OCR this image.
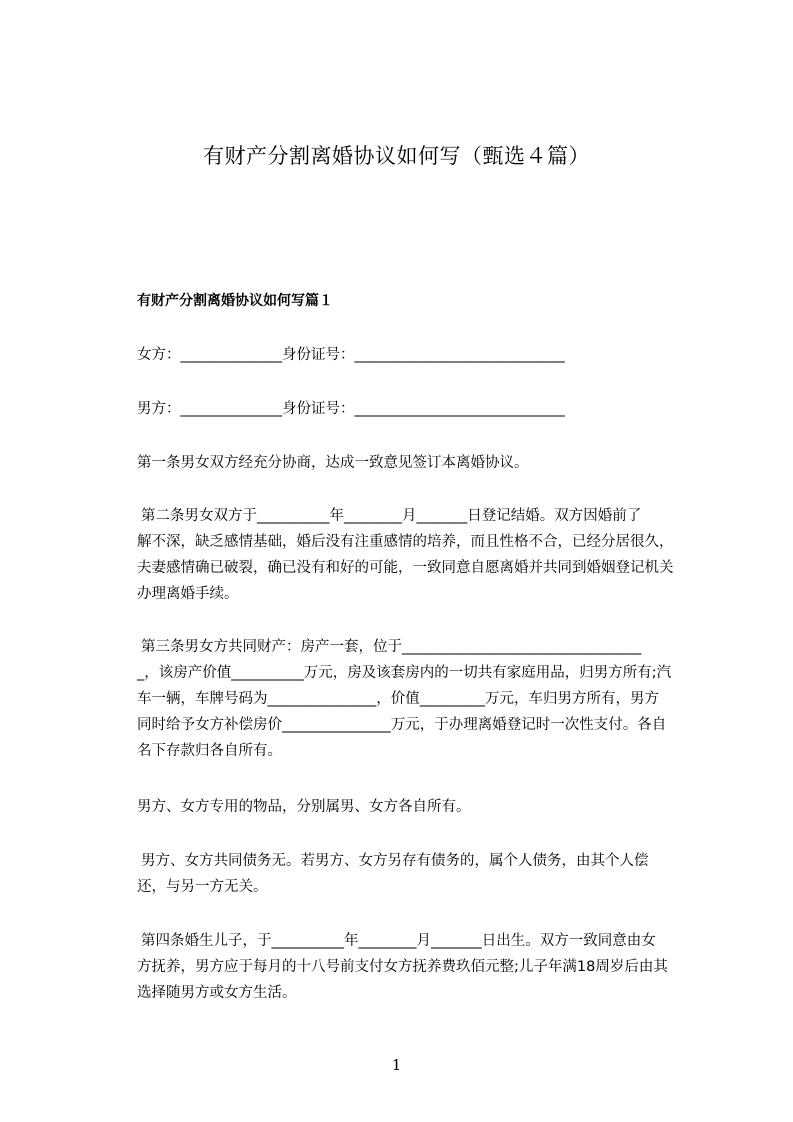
有财产分割离婚协议如何写（甄选４篇）
有财产分割离婚协议如何写篇１
女方：______________身份证号：_____________________________
男方：______________身份证号：_____________________________
第一条男女双方经充分协商，达成一致意见签订本离婚协议。
第二条男女双方于__________年________月_______日登记结婚。双方因婚前了
解不深，缺乏感情基础，婚后没有注重感情的培养，而且性格不合，已经分居很久，
夫妻感情确已破裂，确已没有和好的可能，一致同意自愿离婚并共同到婚姻登记机关
办理离婚手续。
第三条男女方共同财产：房产一套，位于_________________________________
_，该房产价值__________万元，房及该套房内的一切共有家庭用品，归男方所有;汽
车一辆，车牌号码为_______________，价值_________万元，车归男方所有，男方
同时给予女方补偿房价_______________万元，于办理离婚登记时一次性支付。各自
名下存款归各自所有。
男方、女方专用的物品，分别属男、女方各自所有。
男方、女方共同债务无。若男方、女方另存有债务的，属个人债务，由其个人偿
还，与另一方无关。
第四条婚生儿子，于__________年________月_______日出生。双方一致同意由女
方抚养，男方应于每月的十八号前支付女方抚养费玖佰元整;儿子年满18周岁后由其
选择随男方或女方生活。
1
